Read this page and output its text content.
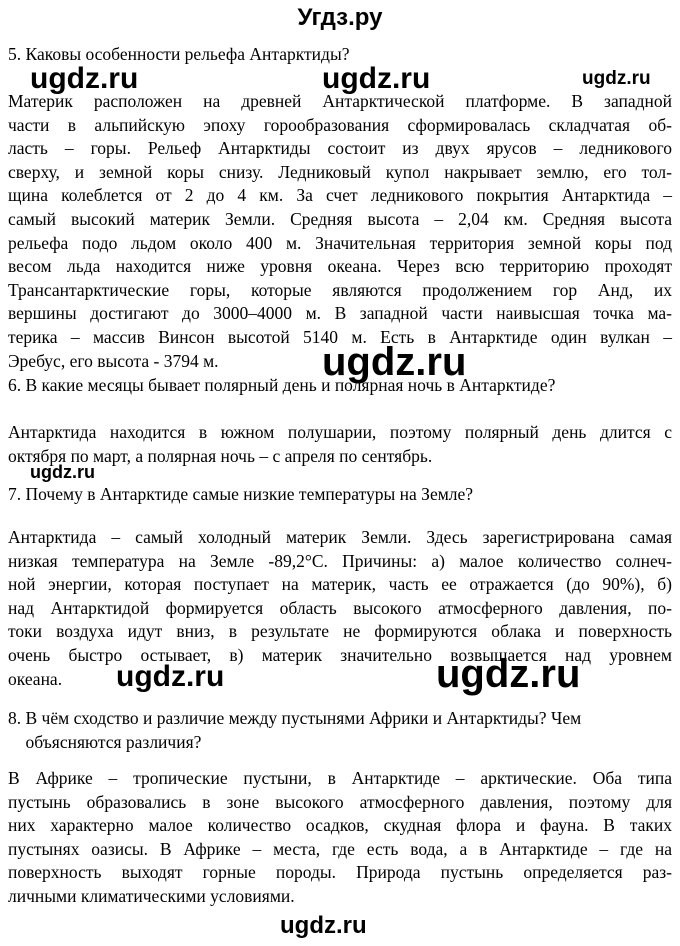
Угдз.ру
5. Каковы особенности рельефа Антарктиды?
Материк расположен на древней Антарктической платформе. В западной
части в альпийскую эпоху горообразования сформировалась складчатая об-
ласть – горы. Рельеф Антарктиды состоит из двух ярусов – ледникового
сверху, и земной коры снизу. Ледниковый купол накрывает землю, его тол-
щина колеблется от 2 до 4 км. За счет ледникового покрытия Антарктида –
самый высокий материк Земли. Средняя высота – 2,04 км. Средняя высота
рельефа подо льдом около 400 м. Значительная территория земной коры под
весом льда находится ниже уровня океана. Через всю территорию проходят
Трансантарктические горы, которые являются продолжением гор Анд, их
вершины достигают до 3000–4000 м. В западной части наивысшая точка ма-
терика – массив Винсон высотой 5140 м. Есть в Антарктиде один вулкан –
Эребус, его высота - 3794 м.
6. В какие месяцы бывает полярный день и полярная ночь в Антарктиде?
Антарктида находится в южном полушарии, поэтому полярный день длится с
октября по март, а полярная ночь – с апреля по сентябрь.
7. Почему в Антарктиде самые низкие температуры на Земле?
Антарктида – самый холодный материк Земли. Здесь зарегистрирована самая
низкая температура на Земле -89,2°С. Причины: а) малое количество солнеч-
ной энергии, которая поступает на материк, часть ее отражается (до 90%), б)
над Антарктидой формируется область высокого атмосферного давления, по-
токи воздуха идут вниз, в результате не формируются облака и поверхность
очень быстро остывает, в) материк значительно возвышается над уровнем
океана.
8. В чём сходство и различие между пустынями Африки и Антарктиды? Чем
объясняются различия?
В Африке – тропические пустыни, в Антарктиде – арктические. Оба типа
пустынь образовались в зоне высокого атмосферного давления, поэтому для
них характерно малое количество осадков, скудная флора и фауна. В таких
пустынях оазисы. В Африке – места, где есть вода, а в Антарктиде – где на
поверхность выходят горные породы. Природа пустынь определяется раз-
личными климатическими условиями.
ugdz.ru	ugdz.ru	ugdz.ru
ugdz.ru
ugdz.ru
ugdz.ru	ugdz.ru
ugdz.ru
